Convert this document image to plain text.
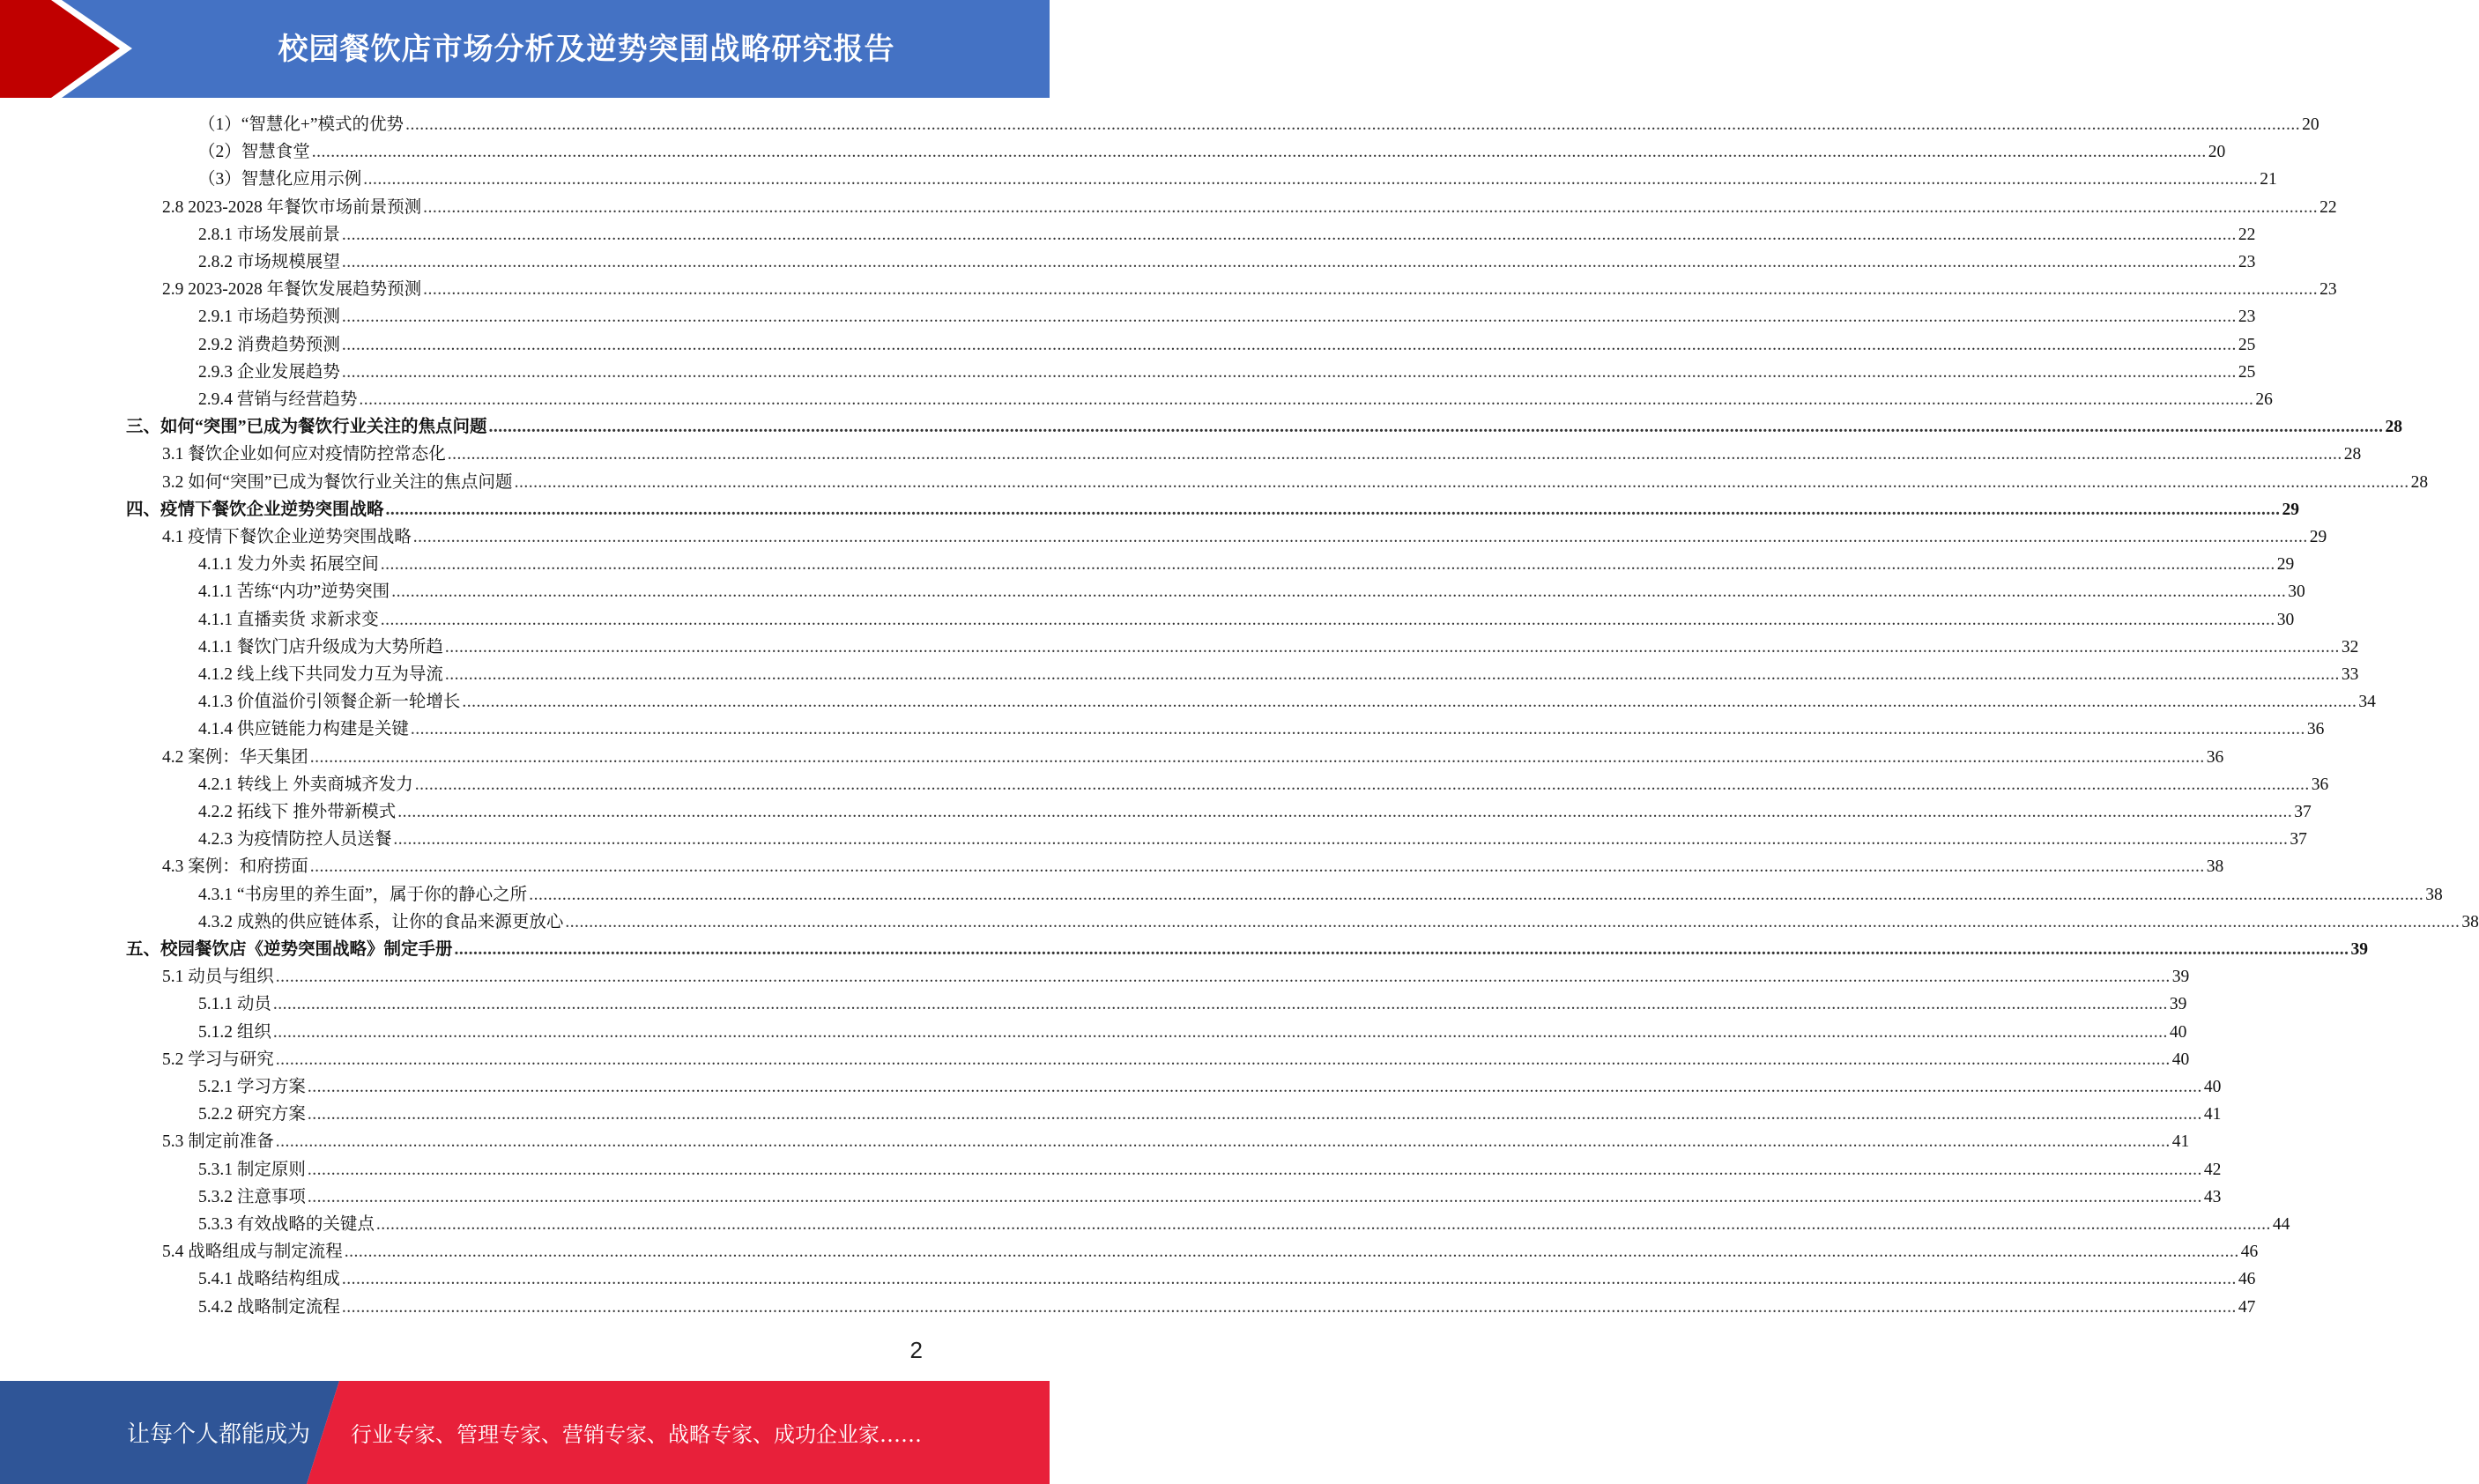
校园餐饮店市场分析及逆势突围战略研究报告
（1）“智慧化+”模式的优势 ................................................................................................................................................................................................................................................................................................................................................................................................................ 20
（2）智慧食堂 ................................................................................................................................................................................................................................................................................................................................................................................................................ 20
（3）智慧化应用示例 ................................................................................................................................................................................................................................................................................................................................................................................................................ 21
2.8 2023-2028 年餐饮市场前景预测 ................................................................................................................................................................................................................................................................................................................................................................................................................ 22
2.8.1 市场发展前景 ................................................................................................................................................................................................................................................................................................................................................................................................................ 22
2.8.2 市场规模展望 ................................................................................................................................................................................................................................................................................................................................................................................................................ 23
2.9 2023-2028 年餐饮发展趋势预测 ................................................................................................................................................................................................................................................................................................................................................................................................................ 23
2.9.1 市场趋势预测 ................................................................................................................................................................................................................................................................................................................................................................................................................ 23
2.9.2 消费趋势预测 ................................................................................................................................................................................................................................................................................................................................................................................................................ 25
2.9.3 企业发展趋势 ................................................................................................................................................................................................................................................................................................................................................................................................................ 25
2.9.4 营销与经营趋势 ................................................................................................................................................................................................................................................................................................................................................................................................................ 26
三、如何“突围”已成为餐饮行业关注的焦点问题 ................................................................................................................................................................................................................................................................................................................................................................................................................ 28
3.1 餐饮企业如何应对疫情防控常态化 ................................................................................................................................................................................................................................................................................................................................................................................................................ 28
3.2 如何“突围”已成为餐饮行业关注的焦点问题 ................................................................................................................................................................................................................................................................................................................................................................................................................ 28
四、疫情下餐饮企业逆势突围战略 ................................................................................................................................................................................................................................................................................................................................................................................................................ 29
4.1 疫情下餐饮企业逆势突围战略 ................................................................................................................................................................................................................................................................................................................................................................................................................ 29
4.1.1 发力外卖 拓展空间 ................................................................................................................................................................................................................................................................................................................................................................................................................ 29
4.1.1 苦练“内功”逆势突围 ................................................................................................................................................................................................................................................................................................................................................................................................................ 30
4.1.1 直播卖货 求新求变 ................................................................................................................................................................................................................................................................................................................................................................................................................ 30
4.1.1 餐饮门店升级成为大势所趋 ................................................................................................................................................................................................................................................................................................................................................................................................................ 32
4.1.2 线上线下共同发力互为导流 ................................................................................................................................................................................................................................................................................................................................................................................................................ 33
4.1.3 价值溢价引领餐企新一轮增长 ................................................................................................................................................................................................................................................................................................................................................................................................................ 34
4.1.4 供应链能力构建是关键 ................................................................................................................................................................................................................................................................................................................................................................................................................ 36
4.2 案例：华天集团 ................................................................................................................................................................................................................................................................................................................................................................................................................ 36
4.2.1 转线上 外卖商城齐发力 ................................................................................................................................................................................................................................................................................................................................................................................................................ 36
4.2.2 拓线下 推外带新模式 ................................................................................................................................................................................................................................................................................................................................................................................................................ 37
4.2.3 为疫情防控人员送餐 ................................................................................................................................................................................................................................................................................................................................................................................................................ 37
4.3 案例：和府捞面 ................................................................................................................................................................................................................................................................................................................................................................................................................ 38
4.3.1 “书房里的养生面”，属于你的静心之所 ................................................................................................................................................................................................................................................................................................................................................................................................................ 38
4.3.2 成熟的供应链体系，让你的食品来源更放心 ................................................................................................................................................................................................................................................................................................................................................................................................................ 38
五、校园餐饮店《逆势突围战略》制定手册 ................................................................................................................................................................................................................................................................................................................................................................................................................ 39
5.1 动员与组织 ................................................................................................................................................................................................................................................................................................................................................................................................................ 39
5.1.1 动员 ................................................................................................................................................................................................................................................................................................................................................................................................................ 39
5.1.2 组织 ................................................................................................................................................................................................................................................................................................................................................................................................................ 40
5.2 学习与研究 ................................................................................................................................................................................................................................................................................................................................................................................................................ 40
5.2.1 学习方案 ................................................................................................................................................................................................................................................................................................................................................................................................................ 40
5.2.2 研究方案 ................................................................................................................................................................................................................................................................................................................................................................................................................ 41
5.3 制定前准备 ................................................................................................................................................................................................................................................................................................................................................................................................................ 41
5.3.1 制定原则 ................................................................................................................................................................................................................................................................................................................................................................................................................ 42
5.3.2 注意事项 ................................................................................................................................................................................................................................................................................................................................................................................................................ 43
5.3.3 有效战略的关键点 ................................................................................................................................................................................................................................................................................................................................................................................................................ 44
5.4 战略组成与制定流程 ................................................................................................................................................................................................................................................................................................................................................................................................................ 46
5.4.1 战略结构组成 ................................................................................................................................................................................................................................................................................................................................................................................................................ 46
5.4.2 战略制定流程 ................................................................................................................................................................................................................................................................................................................................................................................................................ 47
2
让每个人都能成为 行业专家、管理专家、营销专家、战略专家、成功企业家……
